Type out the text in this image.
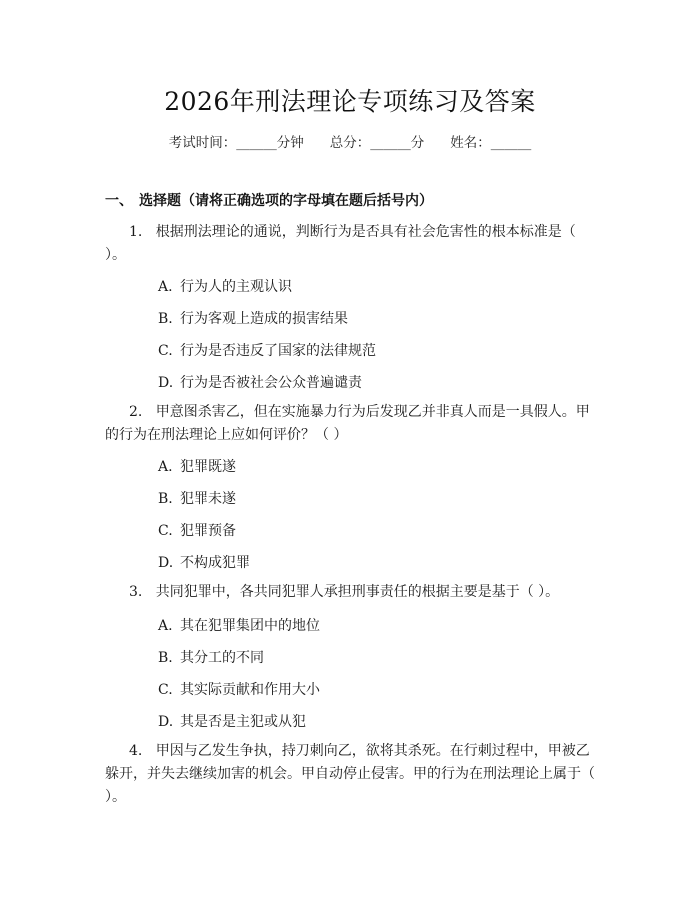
2026年刑法理论专项练习及答案
考试时间：______分钟 总分：______分 姓名：______
一、 选择题（请将正确选项的字母填在题后括号内）
1. 根据刑法理论的通说，判断行为是否具有社会危害性的根本标准是（ ）。
A. 行为人的主观认识
B. 行为客观上造成的损害结果
C. 行为是否违反了国家的法律规范
D. 行为是否被社会公众普遍谴责
2. 甲意图杀害乙，但在实施暴力行为后发现乙并非真人而是一具假人。甲的行为在刑法理论上应如何评价？（ ）
A. 犯罪既遂
B. 犯罪未遂
C. 犯罪预备
D. 不构成犯罪
3. 共同犯罪中，各共同犯罪人承担刑事责任的根据主要是基于（ ）。
A. 其在犯罪集团中的地位
B. 其分工的不同
C. 其实际贡献和作用大小
D. 其是否是主犯或从犯
4. 甲因与乙发生争执，持刀刺向乙，欲将其杀死。在行刺过程中，甲被乙躲开，并失去继续加害的机会。甲自动停止侵害。甲的行为在刑法理论上属于（ ）。
